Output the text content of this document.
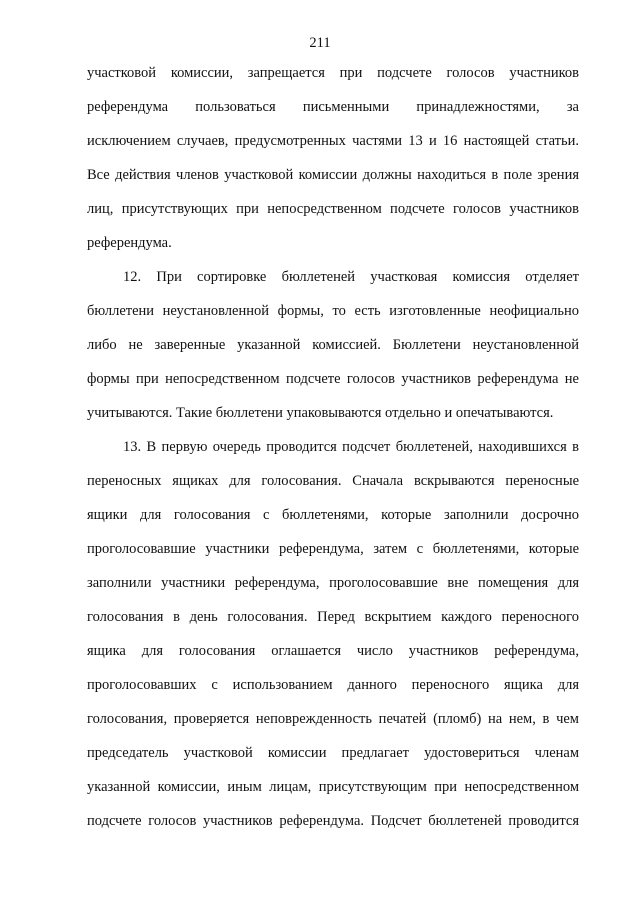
211
участковой комиссии, запрещается при подсчете голосов участников
референдума пользоваться письменными принадлежностями, за
исключением случаев, предусмотренных частями 13 и 16 настоящей статьи.
Все действия членов участковой комиссии должны находиться в поле зрения
лиц, присутствующих при непосредственном подсчете голосов участников
референдума.
12. При сортировке бюллетеней участковая комиссия отделяет
бюллетени неустановленной формы, то есть изготовленные неофициально
либо не заверенные указанной комиссией. Бюллетени неустановленной
формы при непосредственном подсчете голосов участников референдума не
учитываются. Такие бюллетени упаковываются отдельно и опечатываются.
13. В первую очередь проводится подсчет бюллетеней, находившихся в
переносных ящиках для голосования. Сначала вскрываются переносные
ящики для голосования с бюллетенями, которые заполнили досрочно
проголосовавшие участники референдума, затем с бюллетенями, которые
заполнили участники референдума, проголосовавшие вне помещения для
голосования в день голосования. Перед вскрытием каждого переносного
ящика для голосования оглашается число участников референдума,
проголосовавших с использованием данного переносного ящика для
голосования, проверяется неповрежденность печатей (пломб) на нем, в чем
председатель участковой комиссии предлагает удостовериться членам
указанной комиссии, иным лицам, присутствующим при непосредственном
подсчете голосов участников референдума. Подсчет бюллетеней проводится
